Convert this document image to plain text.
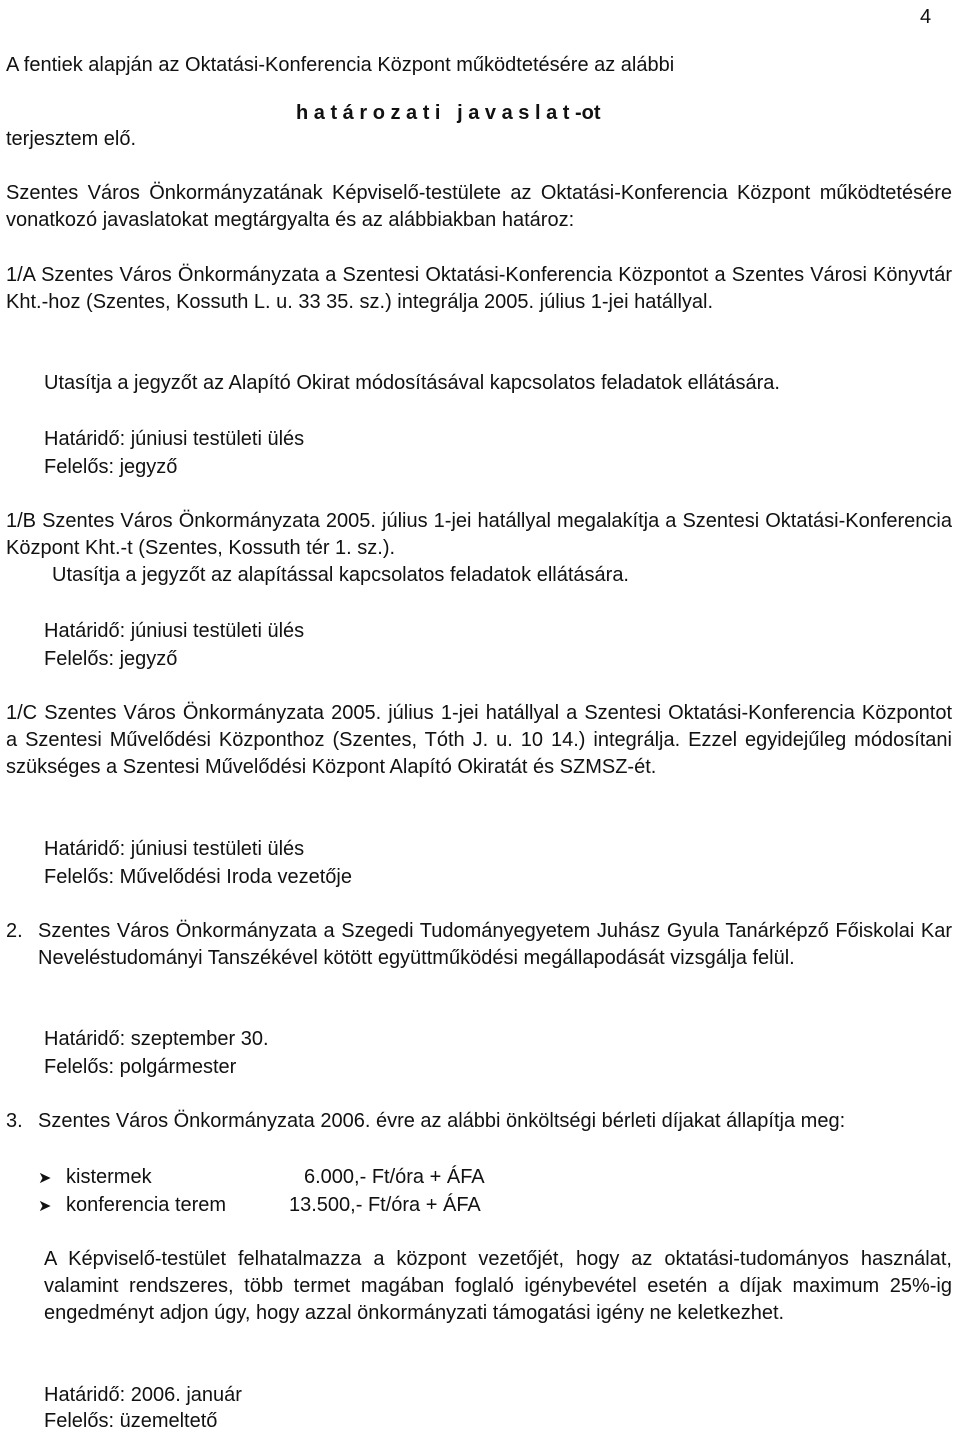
4
A fentiek alapján az Oktatási-Konferencia Központ működtetésére az alábbi
h a t á r o z a t i   j a v a s l a t -ot
terjesztem elő.
Szentes Város Önkormányzatának Képviselő-testülete az Oktatási-Konferencia Központ működtetésére vonatkozó javaslatokat megtárgyalta és az alábbiakban határoz:
1/A Szentes Város Önkormányzata a Szentesi Oktatási-Konferencia Központot a Szentes Városi Könyvtár Kht.-hoz (Szentes, Kossuth L. u. 33 35. sz.) integrálja 2005. július 1-jei hatállyal.
Utasítja a jegyzőt az Alapító Okirat módosításával kapcsolatos feladatok ellátására.
Határidő: júniusi testületi ülés
Felelős: jegyző
1/B Szentes Város Önkormányzata 2005. július 1-jei hatállyal megalakítja a Szentesi Oktatási-Konferencia Központ Kht.-t (Szentes, Kossuth tér 1. sz.).
Utasítja a jegyzőt az alapítással kapcsolatos feladatok ellátására.
Határidő: júniusi testületi ülés
Felelős: jegyző
1/C Szentes Város Önkormányzata 2005. július 1-jei hatállyal a Szentesi Oktatási-Konferencia Központot a Szentesi Művelődési Központhoz (Szentes, Tóth J. u. 10 14.) integrálja. Ezzel egyidejűleg módosítani szükséges a Szentesi Művelődési Központ Alapító Okiratát és SZMSZ-ét.
Határidő: júniusi testületi ülés
Felelős: Művelődési Iroda vezetője
2. Szentes Város Önkormányzata a Szegedi Tudományegyetem Juhász Gyula Tanárképző Főiskolai Kar Neveléstudományi Tanszékével kötött együttműködési megállapodását vizsgálja felül.
Határidő: szeptember 30.
Felelős: polgármester
3. Szentes Város Önkormányzata 2006. évre az alábbi önköltségi bérleti díjakat állapítja meg:
➤ kistermek	6.000,- Ft/óra + ÁFA
➤ konferencia terem	13.500,- Ft/óra + ÁFA
A Képviselő-testület felhatalmazza a központ vezetőjét, hogy az oktatási-tudományos használat, valamint rendszeres, több termet magában foglaló igénybevétel esetén a díjak maximum 25%-ig engedményt adjon úgy, hogy azzal önkormányzati támogatási igény ne keletkezhet.
Határidő: 2006. január
Felelős: üzemeltető
